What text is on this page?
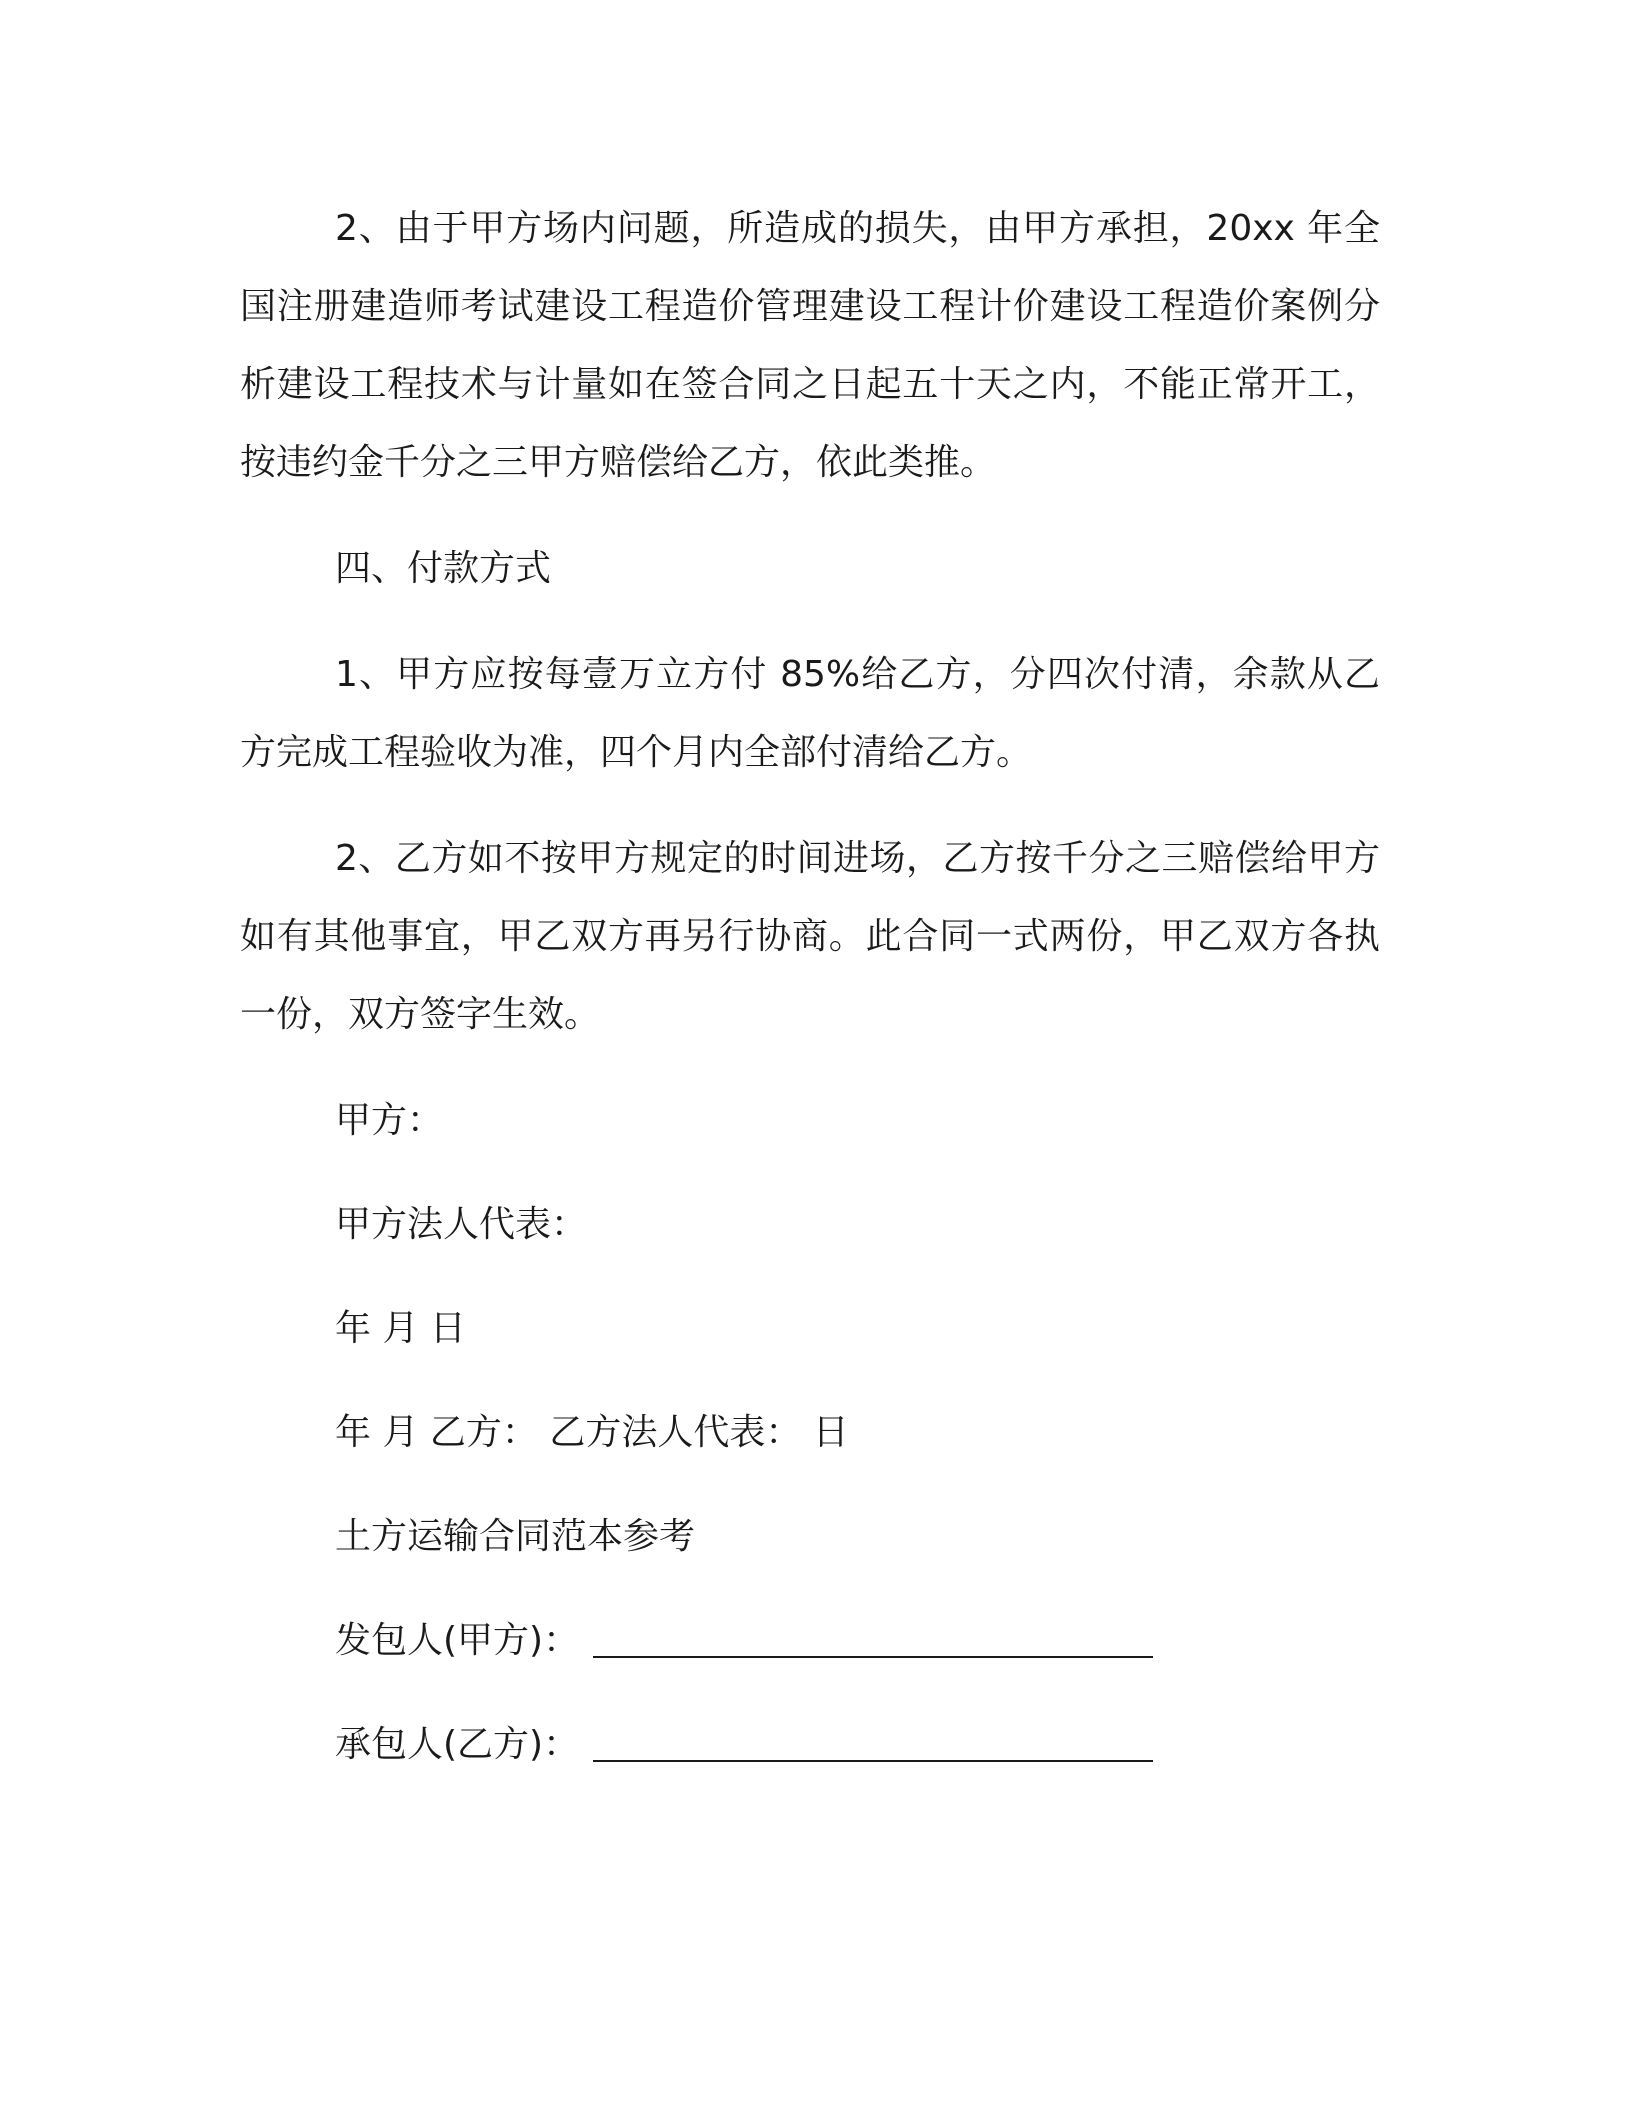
2、由于甲方场内问题，所造成的损失，由甲方承担，20xx 年全国注册建造师考试建设工程造价管理建设工程计价建设工程造价案例分析建设工程技术与计量如在签合同之日起五十天之内，不能正常开工，按违约金千分之三甲方赔偿给乙方，依此类推。

四、付款方式

1、甲方应按每壹万立方付 85%给乙方，分四次付清，余款从乙方完成工程验收为准，四个月内全部付清给乙方。

2、乙方如不按甲方规定的时间进场，乙方按千分之三赔偿给甲方如有其他事宜，甲乙双方再另行协商。此合同一式两份，甲乙双方各执一份，双方签字生效。

甲方：
甲方法人代表：
年 月 日
年 月 乙方： 乙方法人代表： 日
土方运输合同范本参考
发包人(甲方)：
承包人(乙方)：
